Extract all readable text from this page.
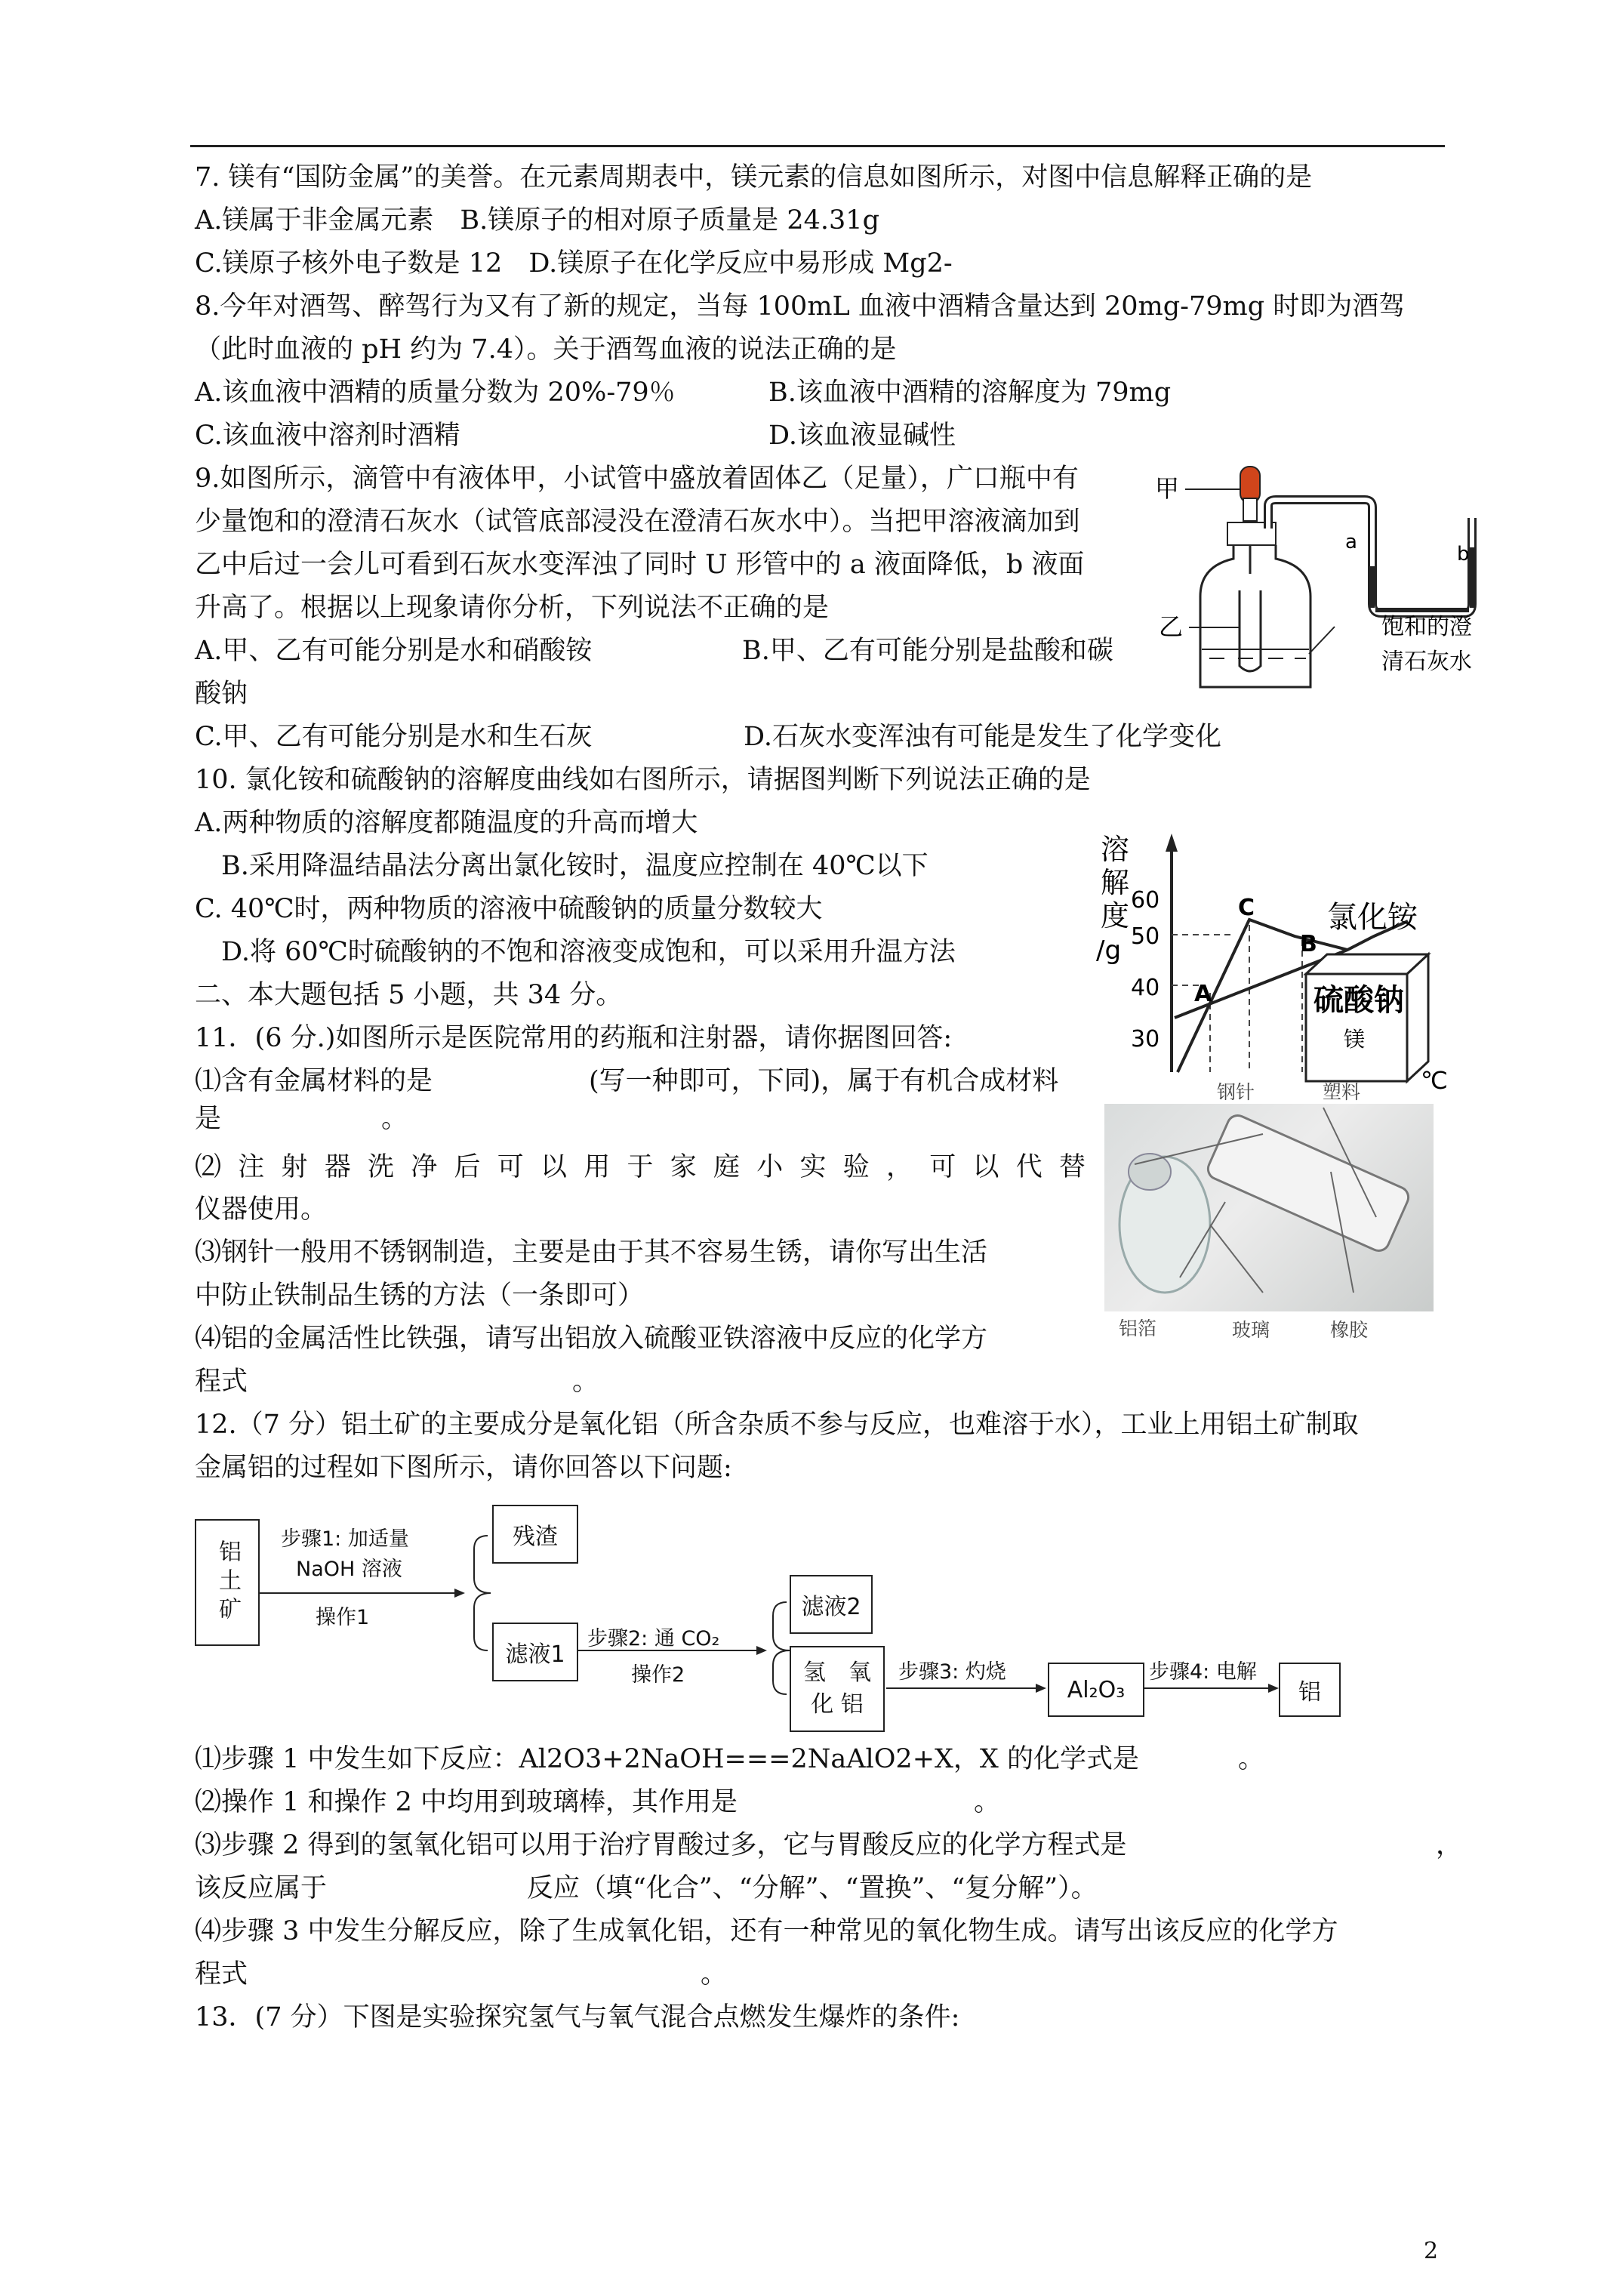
7. 镁有“国防金属”的美誉。在元素周期表中，镁元素的信息如图所示，对图中信息解释正确的是
A.镁属于非金属元素　B.镁原子的相对原子质量是 24.31g
C.镁原子核外电子数是 12　D.镁原子在化学反应中易形成 Mg2-
8.今年对酒驾、醉驾行为又有了新的规定，当每 100mL 血液中酒精含量达到 20mg-79mg 时即为酒驾
（此时血液的 pH 约为 7.4）。关于酒驾血液的说法正确的是
A.该血液中酒精的质量分数为 20%-79％	B.该血液中酒精的溶解度为 79mg
C.该血液中溶剂时酒精	D.该血液显碱性
9.如图所示，滴管中有液体甲，小试管中盛放着固体乙（足量），广口瓶中有
少量饱和的澄清石灰水（试管底部浸没在澄清石灰水中）。当把甲溶液滴加到
乙中后过一会儿可看到石灰水变浑浊了同时 U 形管中的 a 液面降低，b 液面
升高了。根据以上现象请你分析，下列说法不正确的是
A.甲、乙有可能分别是水和硝酸铵	B.甲、乙有可能分别是盐酸和碳
酸钠
C.甲、乙有可能分别是水和生石灰	D.石灰水变浑浊有可能是发生了化学变化
甲
乙
a
b
饱和的澄
清石灰水
10. 氯化铵和硫酸钠的溶解度曲线如右图所示，请据图判断下列说法正确的是
A.两种物质的溶解度都随温度的升高而增大
B.采用降温结晶法分离出氯化铵时，温度应控制在 40℃以下
C. 40℃时，两种物质的溶液中硫酸钠的质量分数较大
D.将 60℃时硫酸钠的不饱和溶液变成饱和，可以采用升温方法
溶
解
度
/g
60
50
40
30
A
C
B
氯化铵
硫酸钠
镁
℃
二、本大题包括 5 小题，共 34 分。
11．(6 分.)如图所示是医院常用的药瓶和注射器，请你据图回答:
⑴含有金属材料的是	(写一种即可，下同)，属于有机合成材料
是	。
⑵ 注 射 器 洗 净 后 可 以 用 于 家 庭 小 实 验 ， 可 以 代 替
仪器使用。
⑶钢针一般用不锈钢制造，主要是由于其不容易生锈，请你写出生活
中防止铁制品生锈的方法（一条即可）
⑷铝的金属活性比铁强，请写出铝放入硫酸亚铁溶液中反应的化学方
程式	。
钢针	塑料
铝箔	玻璃	橡胶
12.（7 分）铝土矿的主要成分是氧化铝（所含杂质不参与反应，也难溶于水），工业上用铝土矿制取
金属铝的过程如下图所示，请你回答以下问题:
铝土矿
步骤1: 加适量
NaOH 溶液
操作1
残渣
滤液1
步骤2: 通 CO₂
操作2
滤液2
氢　氧
化 铝
步骤3: 灼烧
Al₂O₃
步骤4: 电解
铝
⑴步骤 1 中发生如下反应：Al2O3+2NaOH===2NaAlO2+X，X 的化学式是	。
⑵操作 1 和操作 2 中均用到玻璃棒，其作用是	。
⑶步骤 2 得到的氢氧化铝可以用于治疗胃酸过多，它与胃酸反应的化学方程式是	，
该反应属于	反应（填“化合”、“分解”、“置换”、“复分解”）。
⑷步骤 3 中发生分解反应，除了生成氧化铝，还有一种常见的氧化物生成。请写出该反应的化学方
程式	。
13．(7 分）下图是实验探究氢气与氧气混合点燃发生爆炸的条件:
2
